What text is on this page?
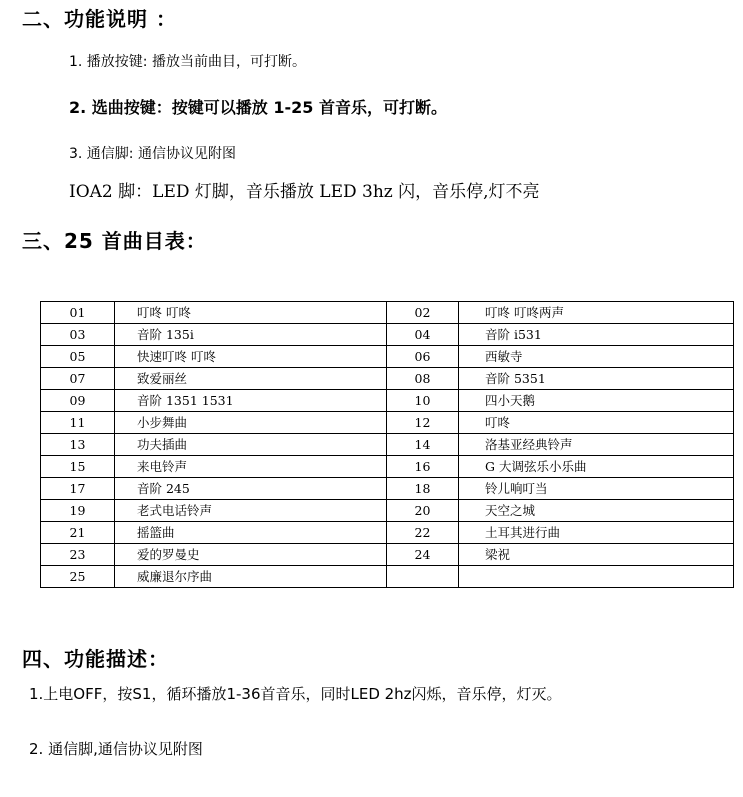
二、功能说明 ：
1. 播放按键: 播放当前曲目，可打断。
2. 选曲按键：按键可以播放 1-25 首音乐，可打断。
3. 通信脚: 通信协议见附图
IOA2 脚：LED 灯脚，音乐播放 LED 3hz 闪，音乐停,灯不亮
三、25 首曲目表：
01	叮咚 叮咚	02	叮咚 叮咚两声
03	音阶 135i	04	音阶 i531
05	快速叮咚 叮咚	06	西敏寺
07	致爱丽丝	08	音阶 5351
09	音阶 1351 1531	10	四小天鹅
11	小步舞曲	12	叮咚
13	功夫插曲	14	洛基亚经典铃声
15	来电铃声	16	G 大调弦乐小乐曲
17	音阶 245	18	铃儿响叮当
19	老式电话铃声	20	天空之城
21	摇篮曲	22	土耳其进行曲
23	爱的罗曼史	24	梁祝
25	威廉退尔序曲		
四、功能描述：
1.上电OFF，按S1，循环播放1-36首音乐，同时LED 2hz闪烁，音乐停，灯灭。
2. 通信脚,通信协议见附图
